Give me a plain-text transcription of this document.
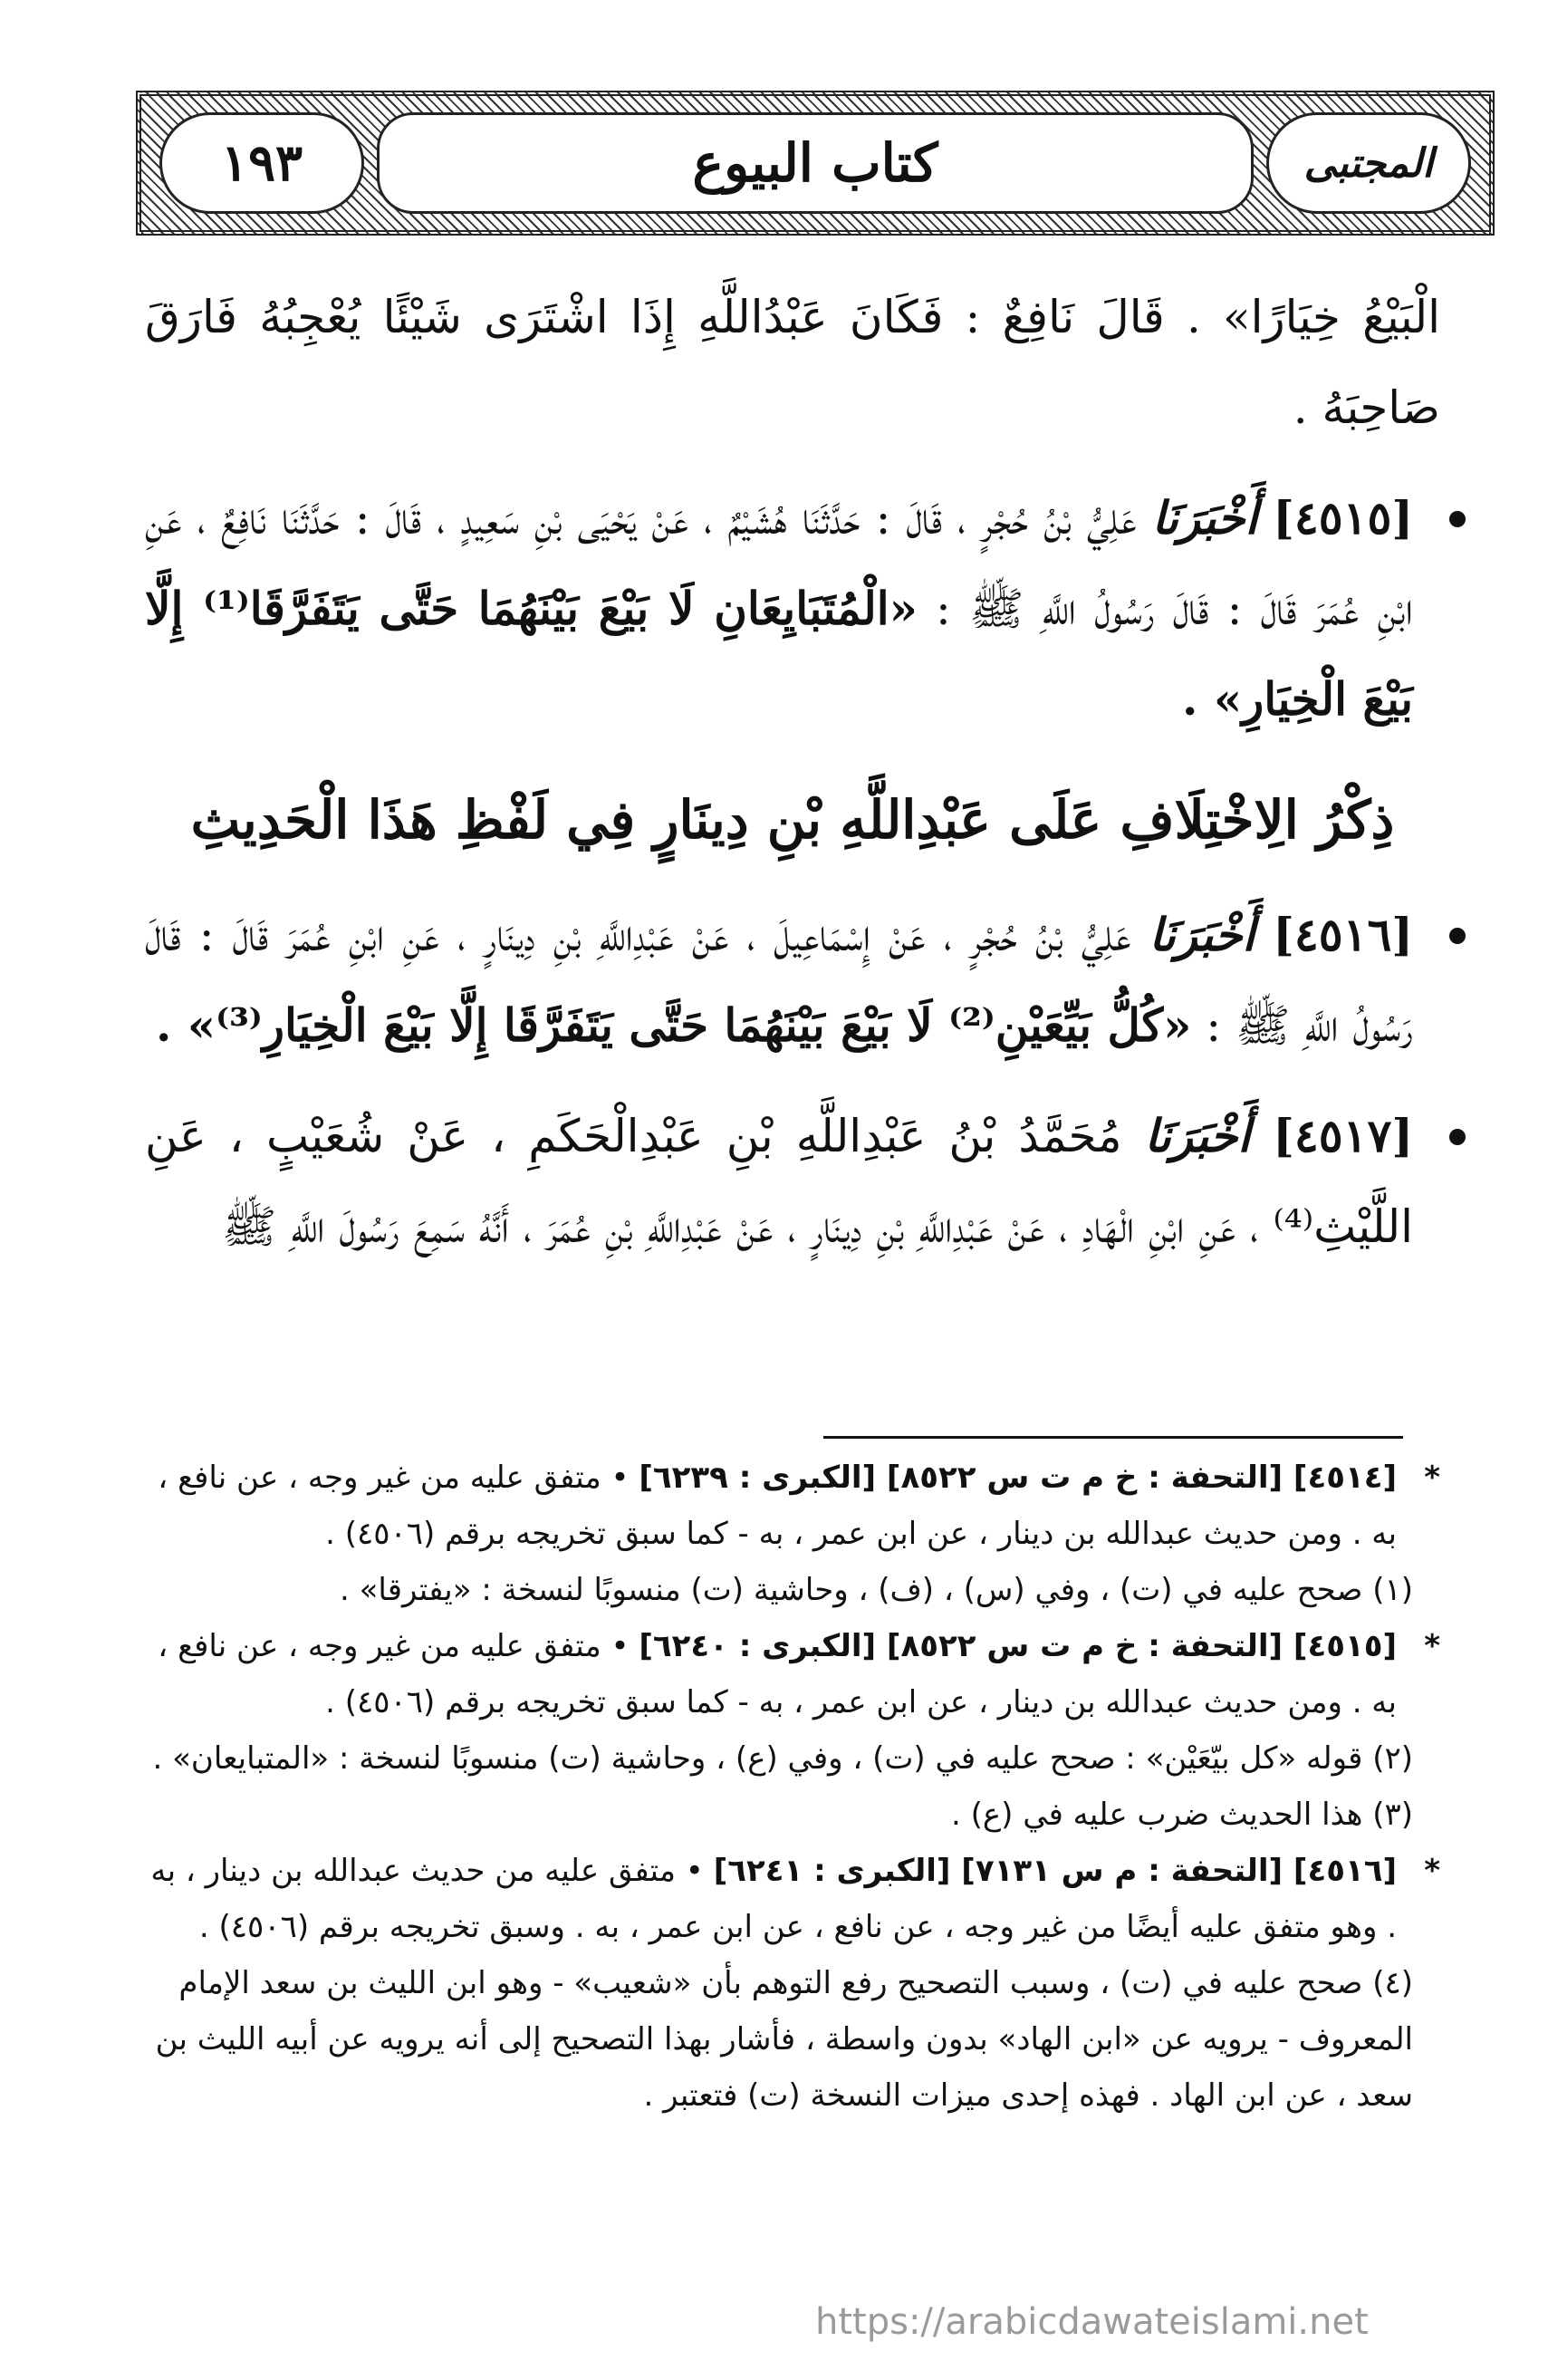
المجتبى
كتاب البيوع
١٩٣

الْبَيْعُ خِيَارًا» . قَالَ نَافِعٌ : فَكَانَ عَبْدُاللَّهِ إِذَا اشْتَرَى شَيْئًا يُعْجِبُهُ فَارَقَ صَاحِبَهُ .

[٤٥١٥] أَخْبَرَنَا عَلِيُّ بْنُ حُجْرٍ ، قَالَ : حَدَّثَنَا هُشَيْمٌ ، عَنْ يَحْيَى بْنِ سَعِيدٍ ، قَالَ : حَدَّثَنَا نَافِعٌ ، عَنِ ابْنِ عُمَرَ قَالَ : قَالَ رَسُولُ اللَّهِ ﷺ : «الْمُتَبَايِعَانِ لَا بَيْعَ بَيْنَهُمَا حَتَّى يَتَفَرَّقَا⁽¹⁾ إِلَّا بَيْعَ الْخِيَارِ» .

ذِكْرُ الِاخْتِلَافِ عَلَى عَبْدِاللَّهِ بْنِ دِينَارٍ فِي لَفْظِ هَذَا الْحَدِيثِ

[٤٥١٦] أَخْبَرَنَا عَلِيُّ بْنُ حُجْرٍ ، عَنْ إِسْمَاعِيلَ ، عَنْ عَبْدِاللَّهِ بْنِ دِينَارٍ ، عَنِ ابْنِ عُمَرَ قَالَ : قَالَ رَسُولُ اللَّهِ ﷺ : «كُلُّ بَيِّعَيْنِ⁽²⁾ لَا بَيْعَ بَيْنَهُمَا حَتَّى يَتَفَرَّقَا إِلَّا بَيْعَ الْخِيَارِ⁽³⁾» .

[٤٥١٧] أَخْبَرَنَا مُحَمَّدُ بْنُ عَبْدِاللَّهِ بْنِ عَبْدِالْحَكَمِ ، عَنْ شُعَيْبٍ ، عَنِ اللَّيْثِ⁽⁴⁾ ، عَنِ ابْنِ الْهَادِ ، عَنْ عَبْدِاللَّهِ بْنِ دِينَارٍ ، عَنْ عَبْدِاللَّهِ بْنِ عُمَرَ ، أَنَّهُ سَمِعَ رَسُولَ اللَّهِ ﷺ

*
[٤٥١٤] [التحفة : خ م ت س ٨٥٢٢] [الكبرى : ٦٢٣٩] • متفق عليه من غير وجه ، عن نافع ، به . ومن حديث عبدالله بن دينار ، عن ابن عمر ، به - كما سبق تخريجه برقم (٤٥٠٦) .

(١) صحح عليه في (ت) ، وفي (س) ، (ف) ، وحاشية (ت) منسوبًا لنسخة : «يفترقا» .

*
[٤٥١٥] [التحفة : خ م ت س ٨٥٢٢] [الكبرى : ٦٢٤٠] • متفق عليه من غير وجه ، عن نافع ، به . ومن حديث عبدالله بن دينار ، عن ابن عمر ، به - كما سبق تخريجه برقم (٤٥٠٦) .

(٢) قوله «كل بيّعَيْن» : صحح عليه في (ت) ، وفي (ع) ، وحاشية (ت) منسوبًا لنسخة : «المتبايعان» .

(٣) هذا الحديث ضرب عليه في (ع) .

*
[٤٥١٦] [التحفة : م س ٧١٣١] [الكبرى : ٦٢٤١] • متفق عليه من حديث عبدالله بن دينار ، به . وهو متفق عليه أيضًا من غير وجه ، عن نافع ، عن ابن عمر ، به . وسبق تخريجه برقم (٤٥٠٦) .

(٤) صحح عليه في (ت) ، وسبب التصحيح رفع التوهم بأن «شعيب» - وهو ابن الليث بن سعد الإمام المعروف - يرويه عن «ابن الهاد» بدون واسطة ، فأشار بهذا التصحيح إلى أنه يرويه عن أبيه الليث بن سعد ، عن ابن الهاد . فهذه إحدى ميزات النسخة (ت) فتعتبر .

https://arabicdawateislami.net
